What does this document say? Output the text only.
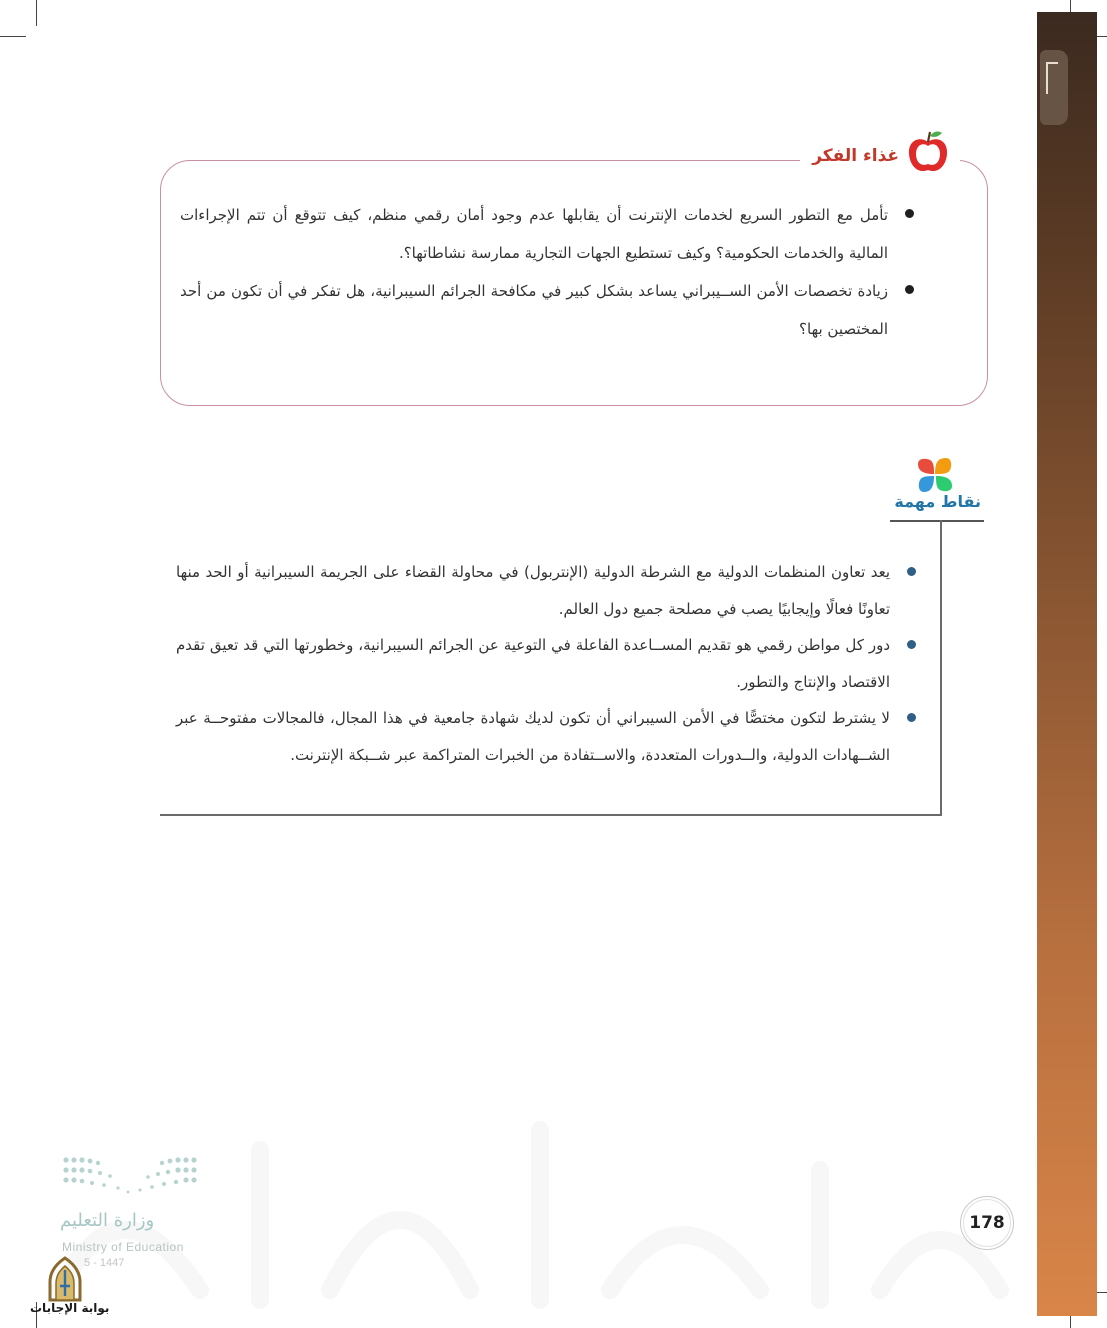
غذاء الفكر

تأمل مع التطور السريع لخدمات الإنترنت أن يقابلها عدم وجود أمان رقمي منظم، كيف تتوقع أن تتم الإجراءات المالية والخدمات الحكومية؟ وكيف تستطيع الجهات التجارية ممارسة نشاطاتها؟.

زيادة تخصصات الأمن الســيبراني يساعد بشكل كبير في مكافحة الجرائم السيبرانية، هل تفكر في أن تكون من أحد المختصين بها؟

نقاط مهمة

يعد تعاون المنظمات الدولية مع الشرطة الدولية (الإنتربول) في محاولة القضاء على الجريمة السيبرانية أو الحد منها تعاونًا فعالًا وإيجابيًا يصب في مصلحة جميع دول العالم.

دور كل مواطن رقمي هو تقديم المســاعدة الفاعلة في التوعية عن الجرائم السيبرانية، وخطورتها التي قد تعيق تقدم الاقتصاد والإنتاج والتطور.

لا يشترط لتكون مختصًّا في الأمن السيبراني أن تكون لديك شهادة جامعية في هذا المجال، فالمجالات مفتوحــة عبر الشــهادات الدولية، والــدورات المتعددة، والاســتفادة من الخبرات المتراكمة عبر شــبكة الإنترنت.

178
وزارة التعليم
Ministry of Education
5 - 1447
بوابة الإجابات
